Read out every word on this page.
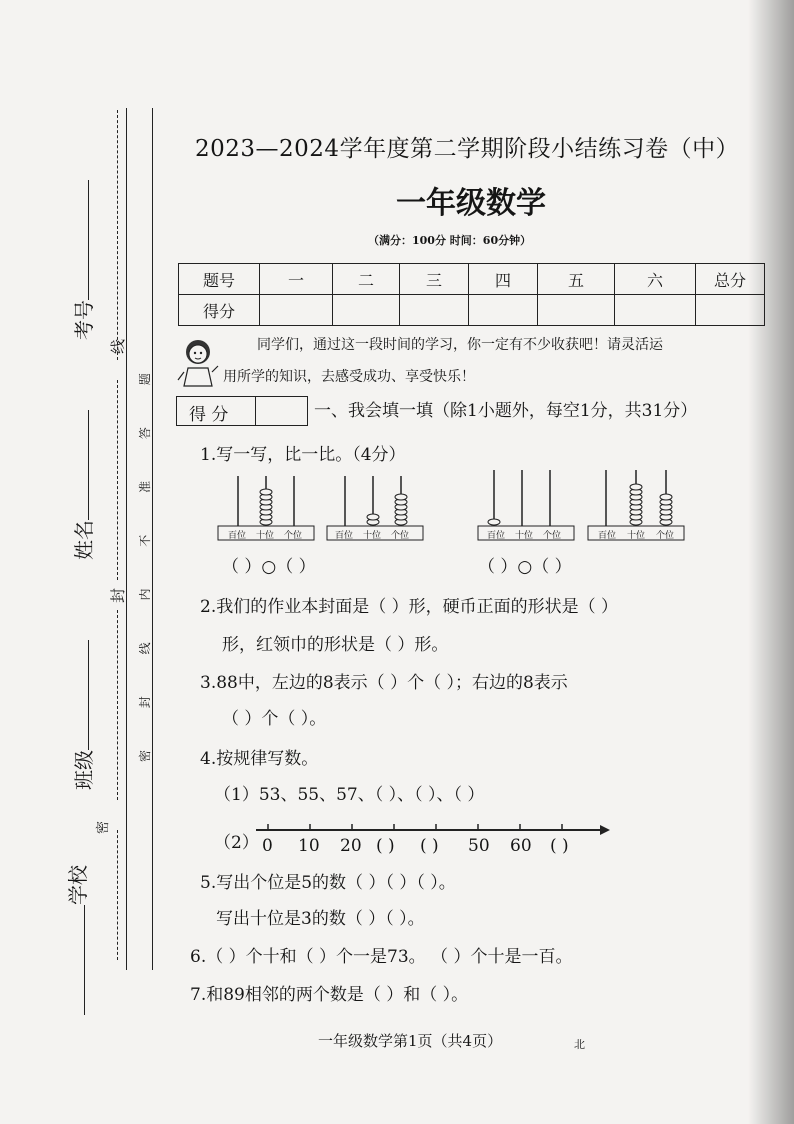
考号
姓名
班级
学校
线
封
密
密 封 线 内 不 准 答 题
2023—2024学年度第二学期阶段小结练习卷（中）
一年级数学
（满分：100分 时间：60分钟）
题号	一	二	三	四	五	六	总分
得分							
同学们，通过这一段时间的学习，你一定有不少收获吧！请灵活运
用所学的知识，去感受成功、享受快乐！
得 分	一、我会填一填（除1小题外，每空1分，共31分）
1.写一写，比一比。（4分）
百位 十位 个位	百位 十位 个位	百位 十位 个位	百位 十位 个位
（ ）○（ ）	（ ）○（ ）
2.我们的作业本封面是（ ）形，硬币正面的形状是（ ）
形，红领巾的形状是（ ）形。
3.88中，左边的8表示（ ）个（ ）；右边的8表示
（ ）个（ ）。
4.按规律写数。
（1）53、55、57、（ ）、（ ）、（ ）
（2） 0 10 20 ( ) ( ) 50 60 ( )
5.写出个位是5的数（ ）（ ）（ ）。
写出十位是3的数（ ）（ ）。
6.（ ）个十和（ ）个一是73。 （ ）个十是一百。
7.和89相邻的两个数是（ ）和（ ）。
一年级数学第1页（共4页）	北
